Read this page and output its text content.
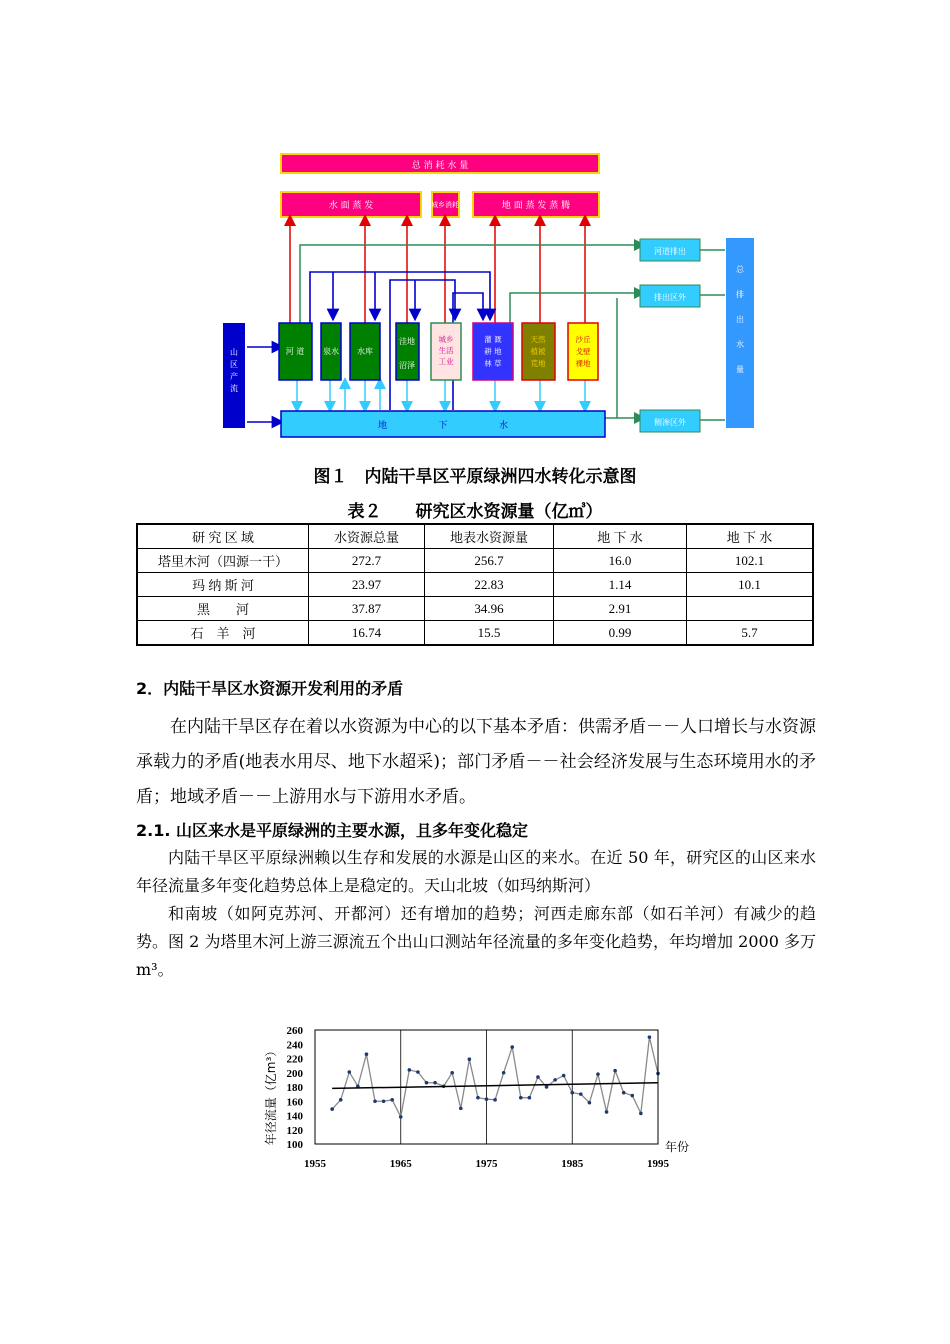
总 消 耗 水 量
水 面 蒸 发	城乡消耗	地 面 蒸 发 蒸 腾
山区产流
河 道 泉水 水库
洼地沼泽
城乡生活工业
灌 溉耕 地林 草
天然植被荒地
沙丘戈壁裸地
地                  下                  水
河道排出
排出区外
侧渗区外
总排出水量
图１　内陆干旱区平原绿洲四水转化示意图
表２　　研究区水资源量（亿㎥）
研 究 区 域	水资源总量	地表水资源量	地 下 水	地 下 水
塔里木河（四源一干）	272.7	256.7	16.0	102.1
玛 纳 斯 河	23.97	22.83	1.14	10.1
黑　　河	37.87	34.96	2.91	
石　羊　河	16.74	15.5	0.99	5.7
2．内陆干旱区水资源开发利用的矛盾
在内陆干旱区存在着以水资源为中心的以下基本矛盾：供需矛盾－－人口增长与水资源承载力的矛盾(地表水用尽、地下水超采)；部门矛盾－－社会经济发展与生态环境用水的矛盾；地域矛盾－－上游用水与下游用水矛盾。
2.1. 山区来水是平原绿洲的主要水源，且多年变化稳定
内陆干旱区平原绿洲赖以生存和发展的水源是山区的来水。在近 50 年，研究区的山区来水年径流量多年变化趋势总体上是稳定的。天山北坡（如玛纳斯河）
和南坡（如阿克苏河、开都河）还有增加的趋势；河西走廊东部（如石羊河）有减少的趋势。图 2 为塔里木河上游三源流五个出山口测站年径流量的多年变化趋势，年均增加 2000 多万 m³。
1955	1965	1975	1985	1995
100
120
140
160
180
200
220
240
260
年径流量（亿m³）
年份
